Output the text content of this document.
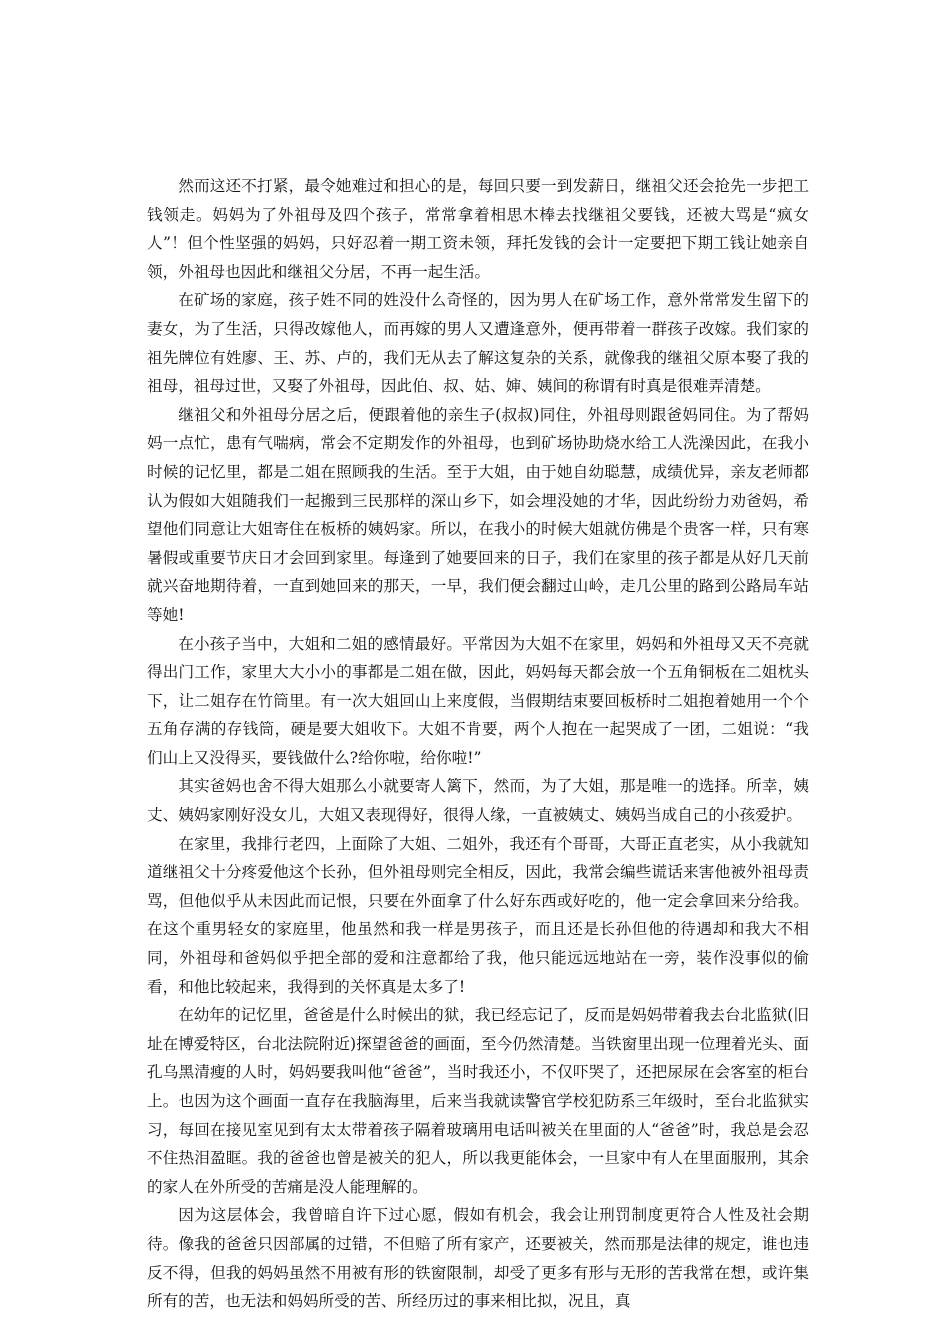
然而这还不打紧，最令她难过和担心的是，每回只要一到发薪日，继祖父还会抢先一步把工钱领走。妈妈为了外祖母及四个孩子，常常拿着相思木棒去找继祖父要钱，还被大骂是“疯女人”！但个性坚强的妈妈，只好忍着一期工资未领，拜托发钱的会计一定要把下期工钱让她亲自领，外祖母也因此和继祖父分居，不再一起生活。

在矿场的家庭，孩子姓不同的姓没什么奇怪的，因为男人在矿场工作，意外常常发生留下的妻女，为了生活，只得改嫁他人，而再嫁的男人又遭逢意外，便再带着一群孩子改嫁。我们家的祖先牌位有姓廖、王、苏、卢的，我们无从去了解这复杂的关系，就像我的继祖父原本娶了我的祖母，祖母过世，又娶了外祖母，因此伯、叔、姑、婶、姨间的称谓有时真是很难弄清楚。

继祖父和外祖母分居之后，便跟着他的亲生子(叔叔)同住，外祖母则跟爸妈同住。为了帮妈妈一点忙，患有气喘病，常会不定期发作的外祖母，也到矿场协助烧水给工人洗澡因此，在我小时候的记忆里，都是二姐在照顾我的生活。至于大姐，由于她自幼聪慧，成绩优异，亲友老师都认为假如大姐随我们一起搬到三民那样的深山乡下，如会埋没她的才华，因此纷纷力劝爸妈，希望他们同意让大姐寄住在板桥的姨妈家。所以，在我小的时候大姐就仿佛是个贵客一样，只有寒暑假或重要节庆日才会回到家里。每逢到了她要回来的日子，我们在家里的孩子都是从好几天前就兴奋地期待着，一直到她回来的那天，一早，我们便会翻过山岭，走几公里的路到公路局车站等她!

在小孩子当中，大姐和二姐的感情最好。平常因为大姐不在家里，妈妈和外祖母又天不亮就得出门工作，家里大大小小的事都是二姐在做，因此，妈妈每天都会放一个五角铜板在二姐枕头下，让二姐存在竹筒里。有一次大姐回山上来度假，当假期结束要回板桥时二姐抱着她用一个个五角存满的存钱筒，硬是要大姐收下。大姐不肯要，两个人抱在一起哭成了一团，二姐说：“我们山上又没得买，要钱做什么?给你啦，给你啦!”

其实爸妈也舍不得大姐那么小就要寄人篱下，然而，为了大姐，那是唯一的选择。所幸，姨丈、姨妈家刚好没女儿，大姐又表现得好，很得人缘，一直被姨丈、姨妈当成自己的小孩爱护。

在家里，我排行老四，上面除了大姐、二姐外，我还有个哥哥，大哥正直老实，从小我就知道继祖父十分疼爱他这个长孙，但外祖母则完全相反，因此，我常会编些谎话来害他被外祖母责骂，但他似乎从未因此而记恨，只要在外面拿了什么好东西或好吃的，他一定会拿回来分给我。在这个重男轻女的家庭里，他虽然和我一样是男孩子，而且还是长孙但他的待遇却和我大不相同，外祖母和爸妈似乎把全部的爱和注意都给了我，他只能远远地站在一旁，装作没事似的偷看，和他比较起来，我得到的关怀真是太多了!

在幼年的记忆里，爸爸是什么时候出的狱，我已经忘记了，反而是妈妈带着我去台北监狱(旧址在博爱特区，台北法院附近)探望爸爸的画面，至今仍然清楚。当铁窗里出现一位理着光头、面孔乌黑清瘦的人时，妈妈要我叫他“爸爸”，当时我还小，不仅吓哭了，还把尿尿在会客室的柜台上。也因为这个画面一直存在我脑海里，后来当我就读警官学校犯防系三年级时，至台北监狱实习，每回在接见室见到有太太带着孩子隔着玻璃用电话叫被关在里面的人“爸爸”时，我总是会忍不住热泪盈眶。我的爸爸也曾是被关的犯人，所以我更能体会，一旦家中有人在里面服刑，其余的家人在外所受的苦痛是没人能理解的。

因为这层体会，我曾暗自许下过心愿，假如有机会，我会让刑罚制度更符合人性及社会期待。像我的爸爸只因部属的过错，不但赔了所有家产，还要被关，然而那是法律的规定，谁也违反不得，但我的妈妈虽然不用被有形的铁窗限制，却受了更多有形与无形的苦我常在想，或许集所有的苦，也无法和妈妈所受的苦、所经历过的事来相比拟，况且，真
